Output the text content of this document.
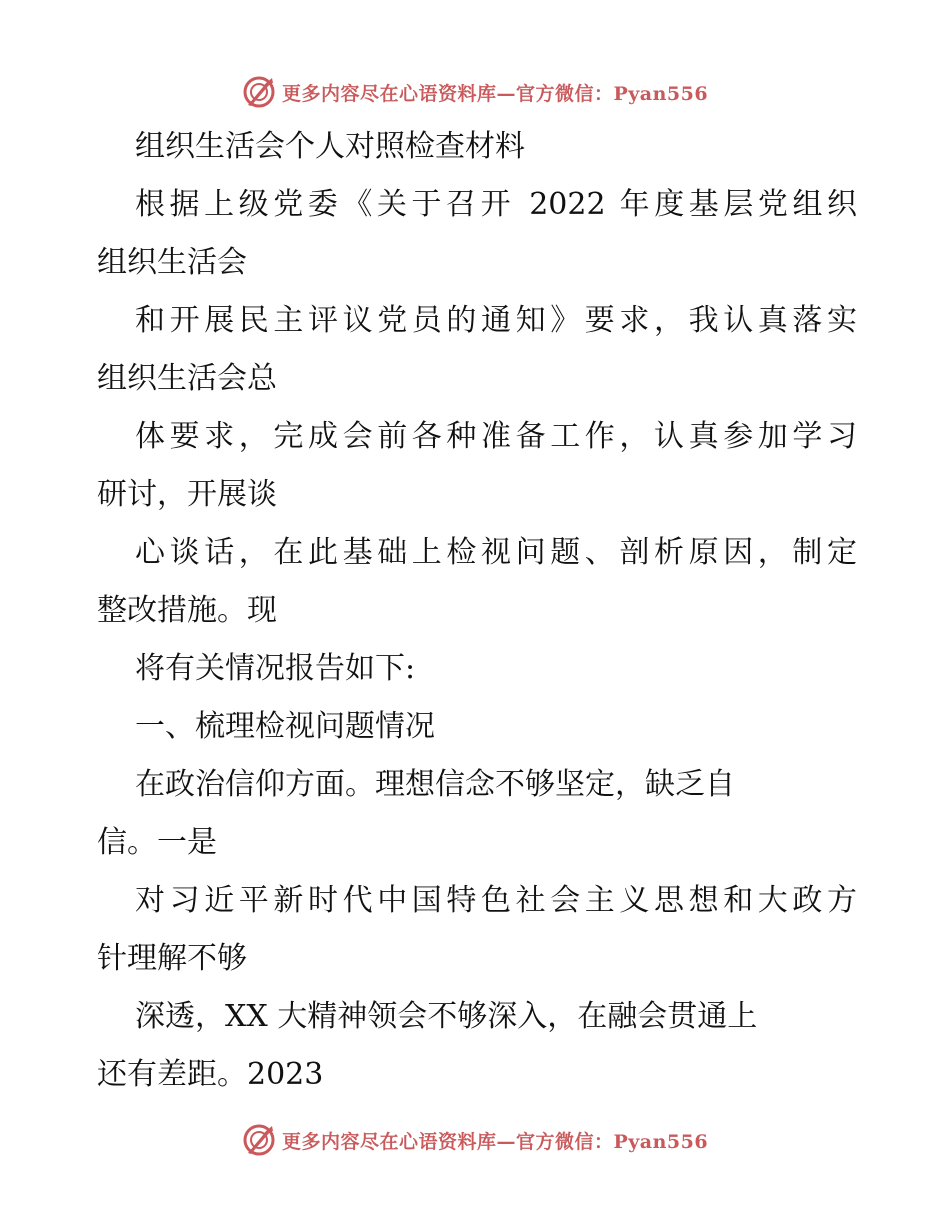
更多内容尽在心语资料库—官方微信：Pyan556
组织生活会个人对照检查材料
根据上级党委《关于召开 2022 年度基层党组织
组织生活会
和开展民主评议党员的通知》要求，我认真落实
组织生活会总
体要求，完成会前各种准备工作，认真参加学习
研讨，开展谈
心谈话，在此基础上检视问题、剖析原因，制定
整改措施。现
将有关情况报告如下:
一、梳理检视问题情况
在政治信仰方面。理想信念不够坚定，缺乏自
信。一是
对习近平新时代中国特色社会主义思想和大政方
针理解不够
深透，XX 大精神领会不够深入，在融会贯通上
还有差距。2023
更多内容尽在心语资料库—官方微信：Pyan556
